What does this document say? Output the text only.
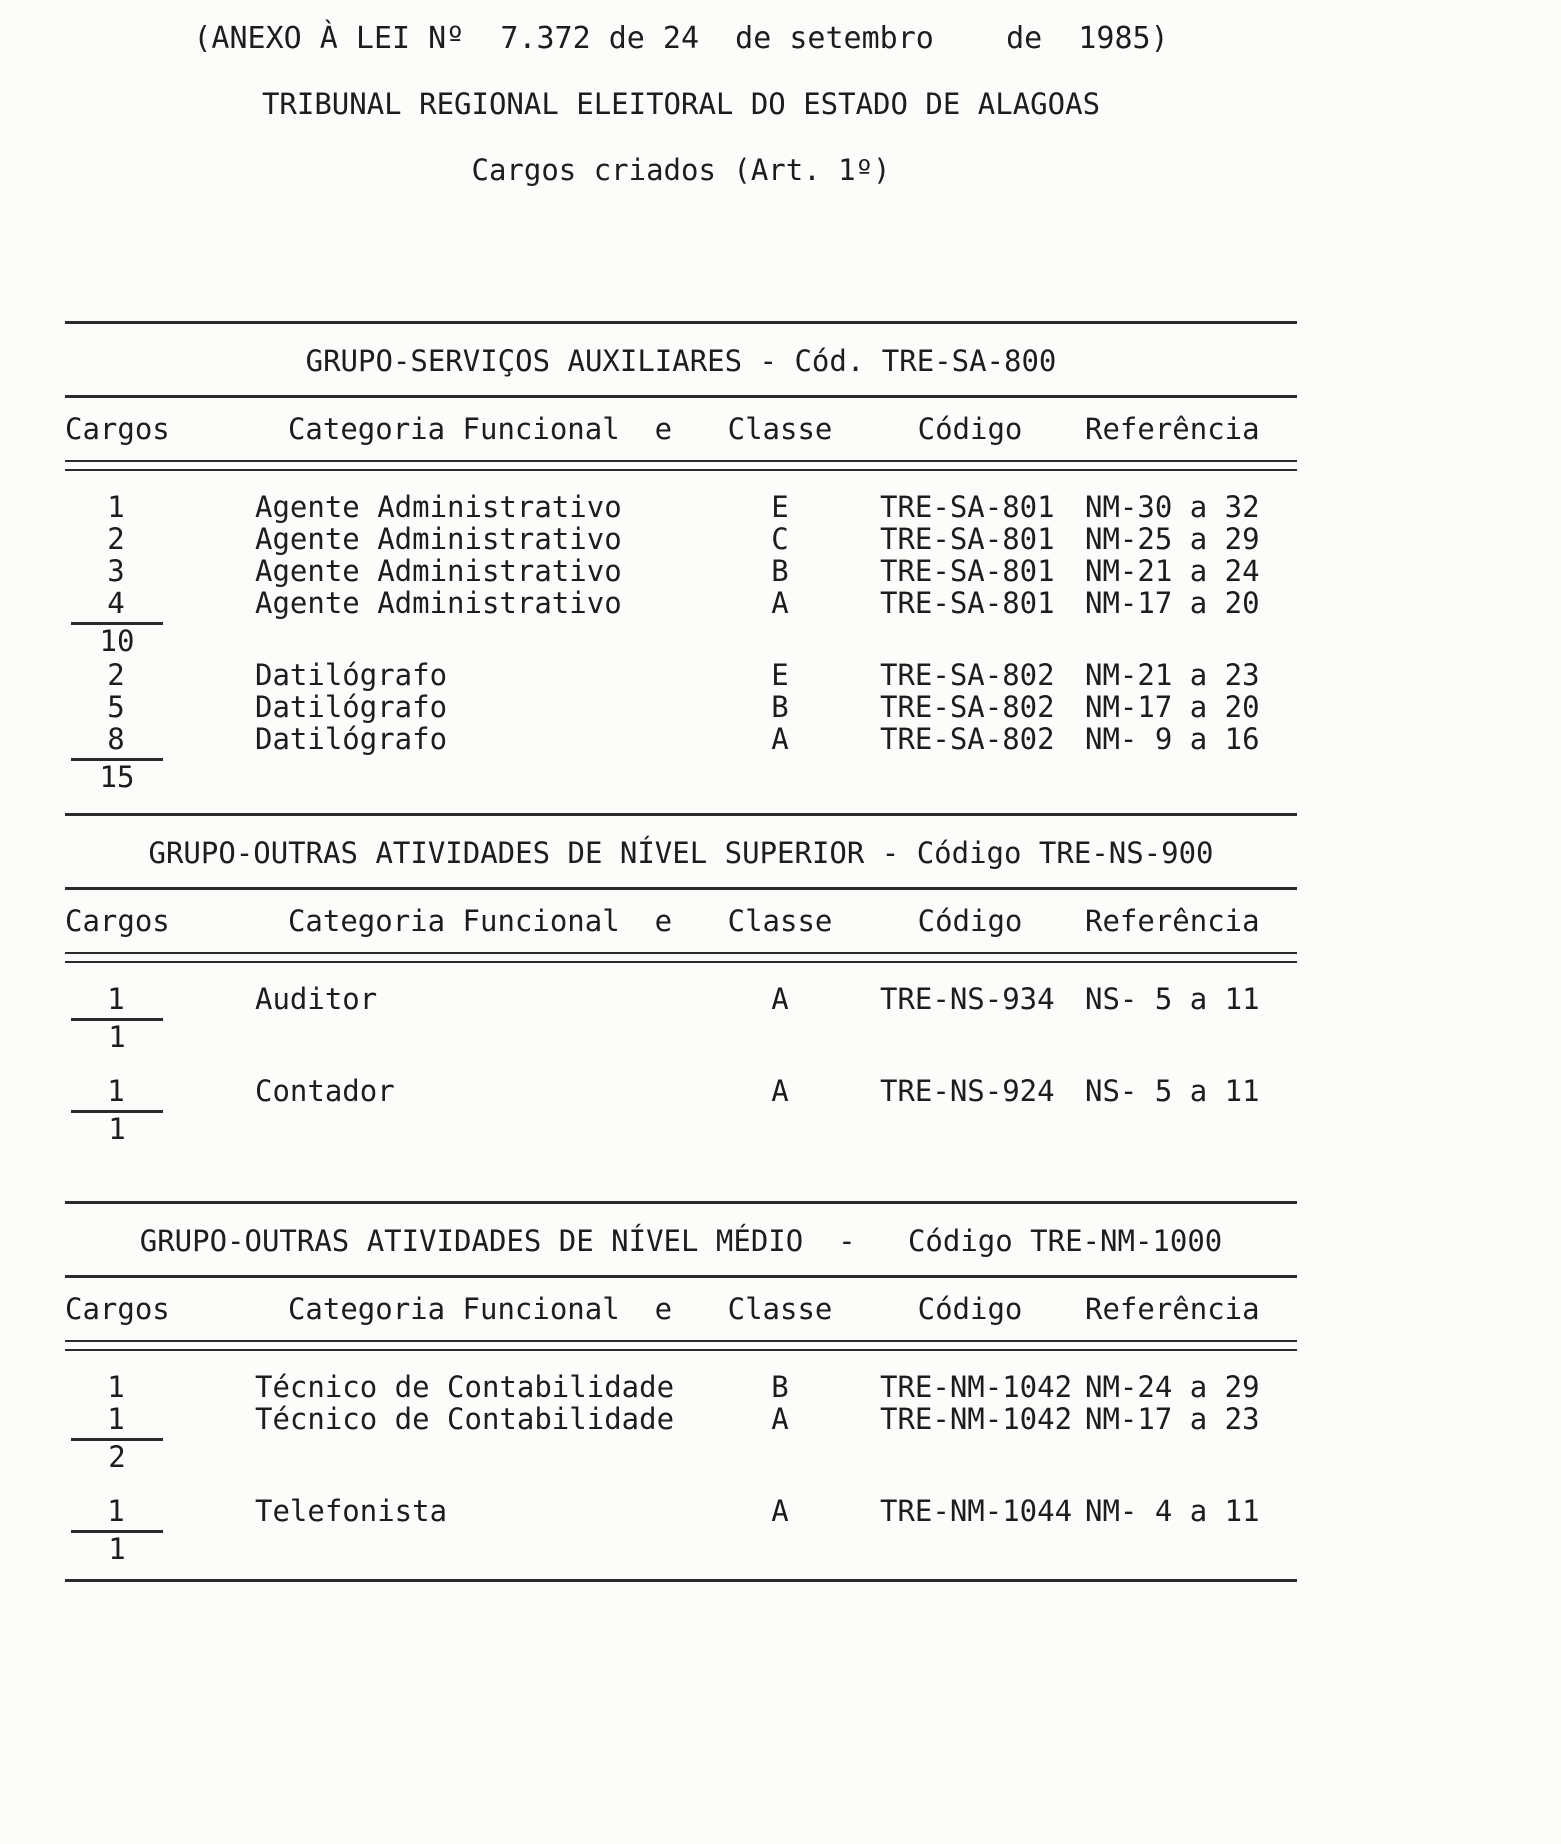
(ANEXO À LEI Nº  7.372 de 24  de setembro    de  1985)
TRIBUNAL REGIONAL ELEITORAL DO ESTADO DE ALAGOAS
Cargos criados (Art. 1º)
GRUPO-SERVIÇOS AUXILIARES - Cód. TRE-SA-800
Cargos	Categoria Funcional  e	Classe	Código	Referência
1	Agente Administrativo	E	TRE-SA-801	NM-30 a 32
2	Agente Administrativo	C	TRE-SA-801	NM-25 a 29
3	Agente Administrativo	B	TRE-SA-801	NM-21 a 24
4	Agente Administrativo	A	TRE-SA-801	NM-17 a 20
10
2	Datilógrafo	E	TRE-SA-802	NM-21 a 23
5	Datilógrafo	B	TRE-SA-802	NM-17 a 20
8	Datilógrafo	A	TRE-SA-802	NM- 9 a 16
15
GRUPO-OUTRAS ATIVIDADES DE NÍVEL SUPERIOR - Código TRE-NS-900
Cargos	Categoria Funcional  e	Classe	Código	Referência
1	Auditor	A	TRE-NS-934	NS- 5 a 11
1
1	Contador	A	TRE-NS-924	NS- 5 a 11
1
GRUPO-OUTRAS ATIVIDADES DE NÍVEL MÉDIO  -   Código TRE-NM-1000
Cargos	Categoria Funcional  e	Classe	Código	Referência
1	Técnico de Contabilidade	B	TRE-NM-1042 NM-24 a 29
1	Técnico de Contabilidade	A	TRE-NM-1042 NM-17 a 23
2
1	Telefonista	A	TRE-NM-1044 NM- 4 a 11
1
